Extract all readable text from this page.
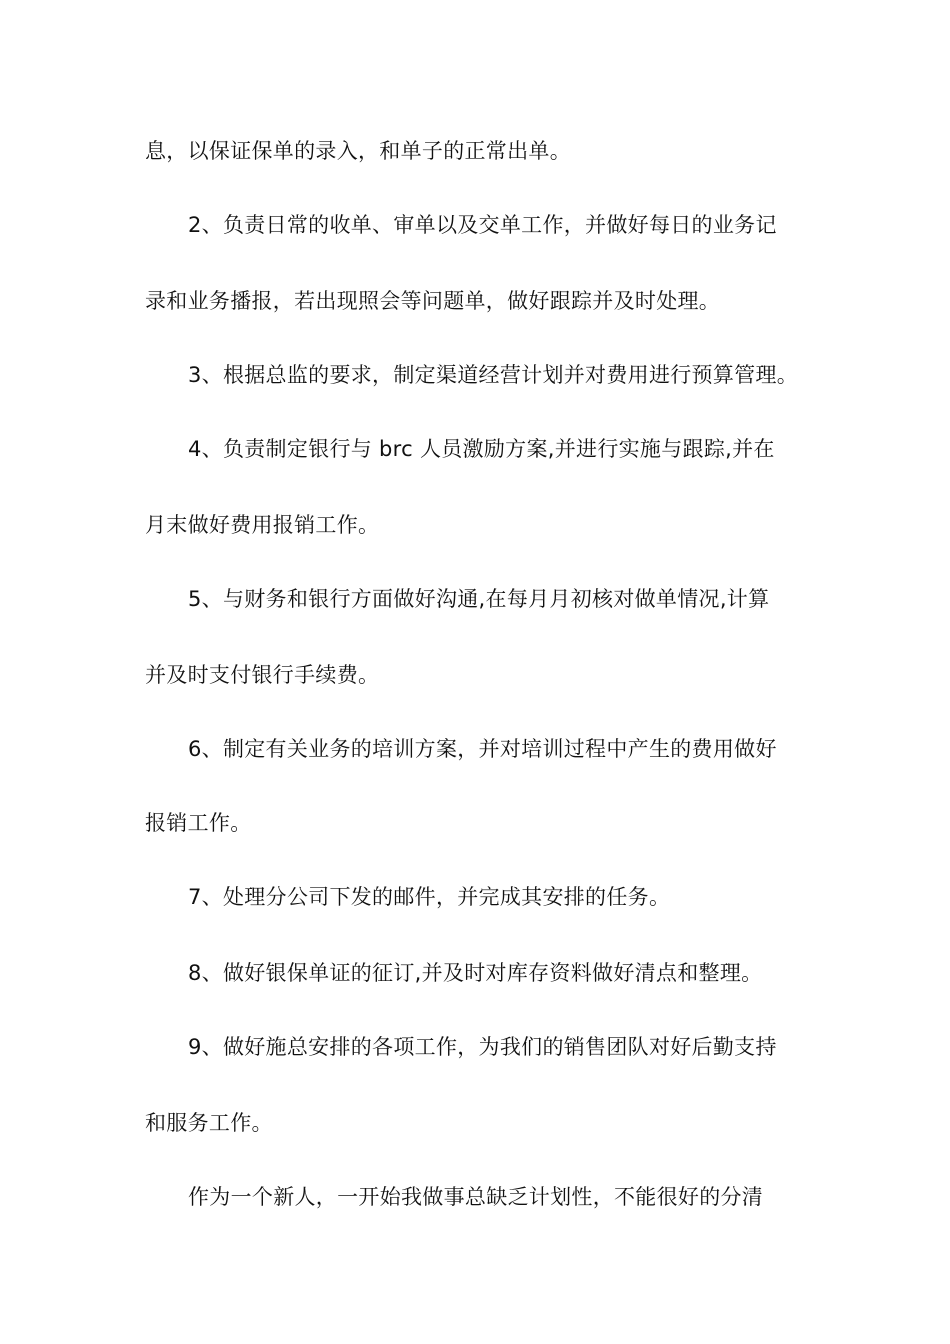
息，以保证保单的录入，和单子的正常出单。
2、负责日常的收单、审单以及交单工作，并做好每日的业务记
录和业务播报，若出现照会等问题单，做好跟踪并及时处理。
3、根据总监的要求，制定渠道经营计划并对费用进行预算管理。
4、负责制定银行与 brc 人员激励方案,并进行实施与跟踪,并在
月末做好费用报销工作。
5、与财务和银行方面做好沟通,在每月月初核对做单情况,计算
并及时支付银行手续费。
6、制定有关业务的培训方案，并对培训过程中产生的费用做好
报销工作。
7、处理分公司下发的邮件，并完成其安排的任务。
8、做好银保单证的征订,并及时对库存资料做好清点和整理。
9、做好施总安排的各项工作，为我们的销售团队对好后勤支持
和服务工作。
作为一个新人，一开始我做事总缺乏计划性，不能很好的分清
